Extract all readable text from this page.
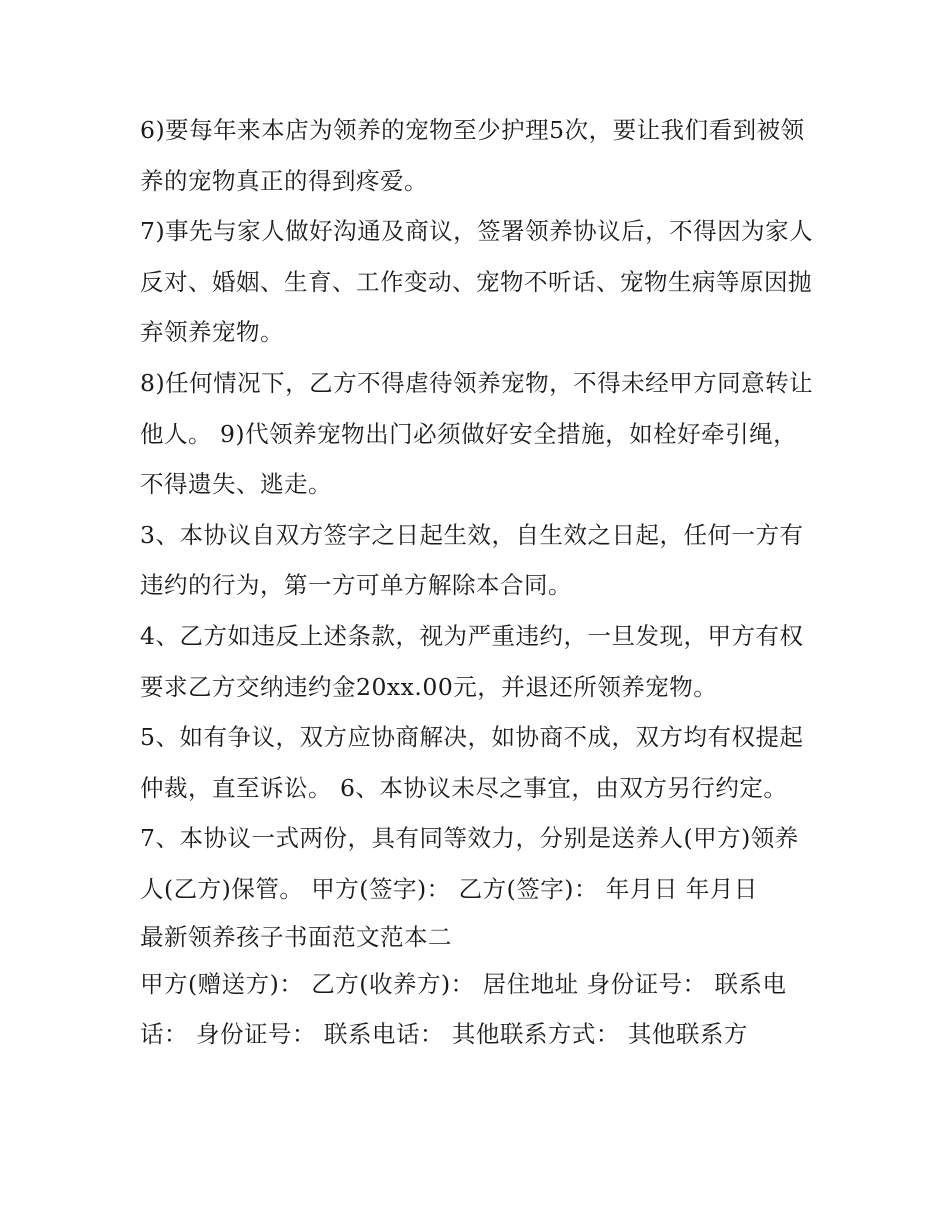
6)要每年来本店为领养的宠物至少护理5次，要让我们看到被领养的宠物真正的得到疼爱。

7)事先与家人做好沟通及商议，签署领养协议后，不得因为家人反对、婚姻、生育、工作变动、宠物不听话、宠物生病等原因抛弃领养宠物。

8)任何情况下，乙方不得虐待领养宠物，不得未经甲方同意转让他人。 9)代领养宠物出门必须做好安全措施，如栓好牵引绳，不得遗失、逃走。

3、本协议自双方签字之日起生效，自生效之日起，任何一方有违约的行为，第一方可单方解除本合同。

4、乙方如违反上述条款，视为严重违约，一旦发现，甲方有权要求乙方交纳违约金20xx.00元，并退还所领养宠物。

5、如有争议，双方应协商解决，如协商不成，双方均有权提起仲裁，直至诉讼。 6、本协议未尽之事宜，由双方另行约定。

7、本协议一式两份，具有同等效力，分别是送养人(甲方)领养人(乙方)保管。 甲方(签字)： 乙方(签字)： 年月日 年月日

最新领养孩子书面范文范本二

甲方(赠送方)： 乙方(收养方)： 居住地址 身份证号： 联系电话： 身份证号： 联系电话： 其他联系方式： 其他联系方
